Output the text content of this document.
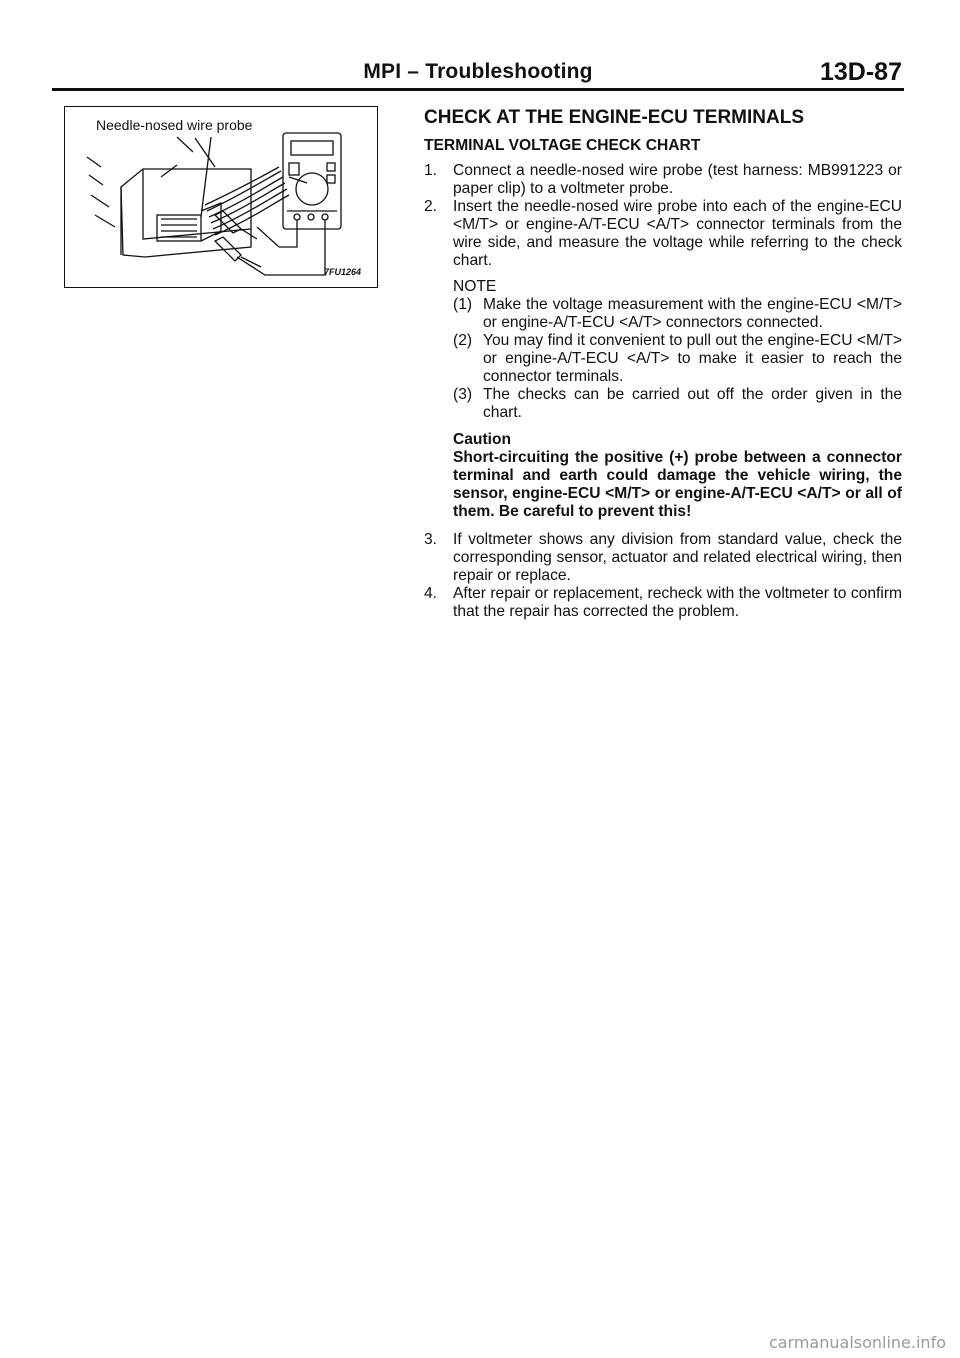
MPI – Troubleshooting	13D-87
Needle-nosed wire probe
7FU1264
CHECK AT THE ENGINE-ECU TERMINALS
TERMINAL VOLTAGE CHECK CHART
1.	Connect a needle-nosed wire probe (test harness: MB991223 or paper clip) to a voltmeter probe.
2.	Insert the needle-nosed wire probe into each of the engine-ECU <M/T> or engine-A/T-ECU <A/T> connector terminals from the wire side, and measure the voltage while referring to the check chart.
NOTE
(1) Make the voltage measurement with the engine-ECU <M/T> or engine-A/T-ECU <A/T> connectors connected.
(2) You may find it convenient to pull out the engine-ECU <M/T> or engine-A/T-ECU <A/T> to make it easier to reach the connector terminals.
(3) The checks can be carried out off the order given in the chart.
Caution
Short-circuiting the positive (+) probe between a connector terminal and earth could damage the vehicle wiring, the sensor, engine-ECU <M/T> or engine-A/T-ECU <A/T> or all of them. Be careful to prevent this!
3.	If voltmeter shows any division from standard value, check the corresponding sensor, actuator and related electrical wiring, then repair or replace.
4.	After repair or replacement, recheck with the voltmeter to confirm that the repair has corrected the problem.
carmanualsonline.info
